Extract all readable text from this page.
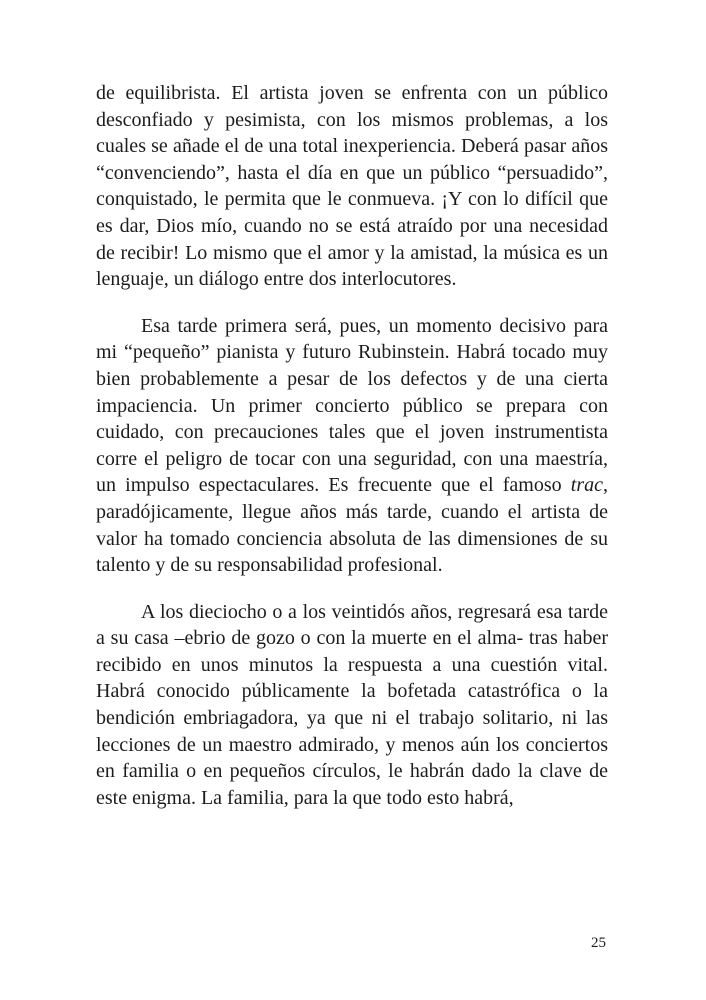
de equilibrista. El artista joven se enfrenta con un público desconfiado y pesimista, con los mismos problemas, a los cuales se añade el de una total inexperiencia. Deberá pasar años “convenciendo”, hasta el día en que un público “persuadido”, conquistado, le permita que le conmueva. ¡Y con lo difícil que es dar, Dios mío, cuando no se está atraído por una necesidad de recibir! Lo mismo que el amor y la amistad, la música es un lenguaje, un diálogo entre dos interlocutores.

Esa tarde primera será, pues, un momento decisivo para mi “pequeño” pianista y futuro Rubinstein. Habrá tocado muy bien probablemente a pesar de los defectos y de una cierta impaciencia. Un primer concierto público se prepara con cuidado, con precauciones tales que el joven instrumentista corre el peligro de tocar con una seguridad, con una maestría, un impulso espectaculares. Es frecuente que el famoso trac, paradójicamente, llegue años más tarde, cuando el artista de valor ha tomado conciencia absoluta de las dimensiones de su talento y de su responsabilidad profesional.

A los dieciocho o a los veintidós años, regresará esa tarde a su casa –ebrio de gozo o con la muerte en el alma- tras haber recibido en unos minutos la respuesta a una cuestión vital. Habrá conocido públicamente la bofetada catastrófica o la bendición embriagadora, ya que ni el trabajo solitario, ni las lecciones de un maestro admirado, y menos aún los conciertos en familia o en pequeños círculos, le habrán dado la clave de este enigma. La familia, para la que todo esto habrá,

25
